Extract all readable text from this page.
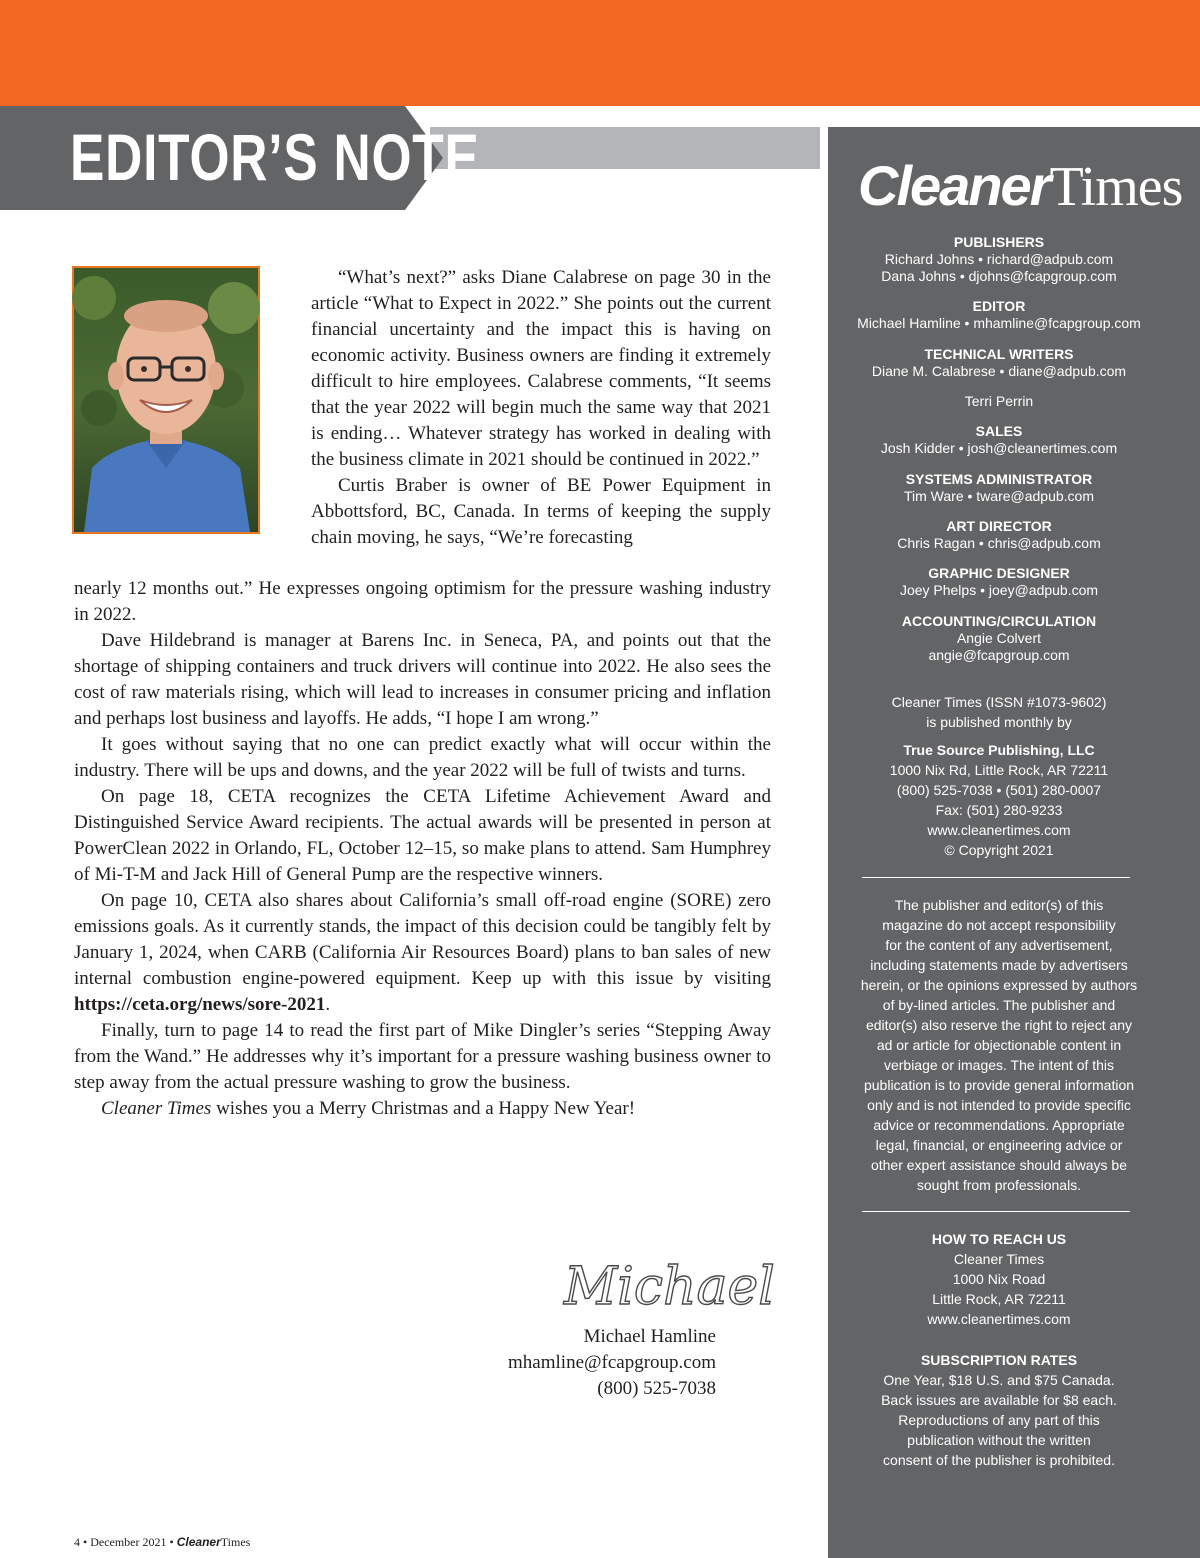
EDITOR’S NOTE

“What’s next?” asks Diane Calabrese on page 30 in the article “What to Expect in 2022.” She points out the current financial uncertainty and the impact this is having on economic activity. Business owners are finding it extremely difficult to hire employees. Calabrese comments, “It seems that the year 2022 will begin much the same way that 2021 is ending… Whatever strategy has worked in dealing with the business climate in 2021 should be continued in 2022.”

Curtis Braber is owner of BE Power Equipment in Abbottsford, BC, Canada. In terms of keeping the supply chain moving, he says, “We’re forecasting

nearly 12 months out.” He expresses ongoing optimism for the pressure washing industry in 2022.

Dave Hildebrand is manager at Barens Inc. in Seneca, PA, and points out that the shortage of shipping containers and truck drivers will continue into 2022. He also sees the cost of raw materials rising, which will lead to increases in consumer pricing and inflation and perhaps lost business and layoffs. He adds, “I hope I am wrong.”

It goes without saying that no one can predict exactly what will occur within the industry. There will be ups and downs, and the year 2022 will be full of twists and turns.

On page 18, CETA recognizes the CETA Lifetime Achievement Award and Distinguished Service Award recipients. The actual awards will be presented in person at PowerClean 2022 in Orlando, FL, October 12–15, so make plans to attend. Sam Humphrey of Mi-T-M and Jack Hill of General Pump are the respective winners.

On page 10, CETA also shares about California’s small off-road engine (SORE) zero emissions goals. As it currently stands, the impact of this decision could be tangibly felt by January 1, 2024, when CARB (California Air Resources Board) plans to ban sales of new internal combustion engine-powered equipment. Keep up with this issue by visiting https://ceta.org/news/sore-2021.

Finally, turn to page 14 to read the first part of Mike Dingler’s series “Stepping Away from the Wand.” He addresses why it’s important for a pressure washing business owner to step away from the actual pressure washing to grow the business.

Cleaner Times wishes you a Merry Christmas and a Happy New Year!

Michael
Michael Hamline
mhamline@fcapgroup.com
(800) 525-7038
4 • December 2021 • CleanerTimes
CleanerTimes
PUBLISHERS
Richard Johns • richard@adpub.com
Dana Johns • djohns@fcapgroup.com
EDITOR
Michael Hamline • mhamline@fcapgroup.com
TECHNICAL WRITERS
Diane M. Calabrese • diane@adpub.com
Terri Perrin
SALES
Josh Kidder • josh@cleanertimes.com
SYSTEMS ADMINISTRATOR
Tim Ware • tware@adpub.com
ART DIRECTOR
Chris Ragan • chris@adpub.com
GRAPHIC DESIGNER
Joey Phelps • joey@adpub.com
ACCOUNTING/CIRCULATION
Angie Colvert
angie@fcapgroup.com
Cleaner Times (ISSN #1073-9602)
is published monthly by
True Source Publishing, LLC
1000 Nix Rd, Little Rock, AR 72211
(800) 525-7038 • (501) 280-0007
Fax: (501) 280-9233
www.cleanertimes.com
© Copyright 2021
The publisher and editor(s) of this
magazine do not accept responsibility
for the content of any advertisement,
including statements made by advertisers
herein, or the opinions expressed by authors
of by-lined articles. The publisher and
editor(s) also reserve the right to reject any
ad or article for objectionable content in
verbiage or images. The intent of this
publication is to provide general information
only and is not intended to provide specific
advice or recommendations. Appropriate
legal, financial, or engineering advice or
other expert assistance should always be
sought from professionals.
HOW TO REACH US
Cleaner Times
1000 Nix Road
Little Rock, AR 72211
www.cleanertimes.com
SUBSCRIPTION RATES
One Year, $18 U.S. and $75 Canada.
Back issues are available for $8 each.
Reproductions of any part of this
publication without the written
consent of the publisher is prohibited.
